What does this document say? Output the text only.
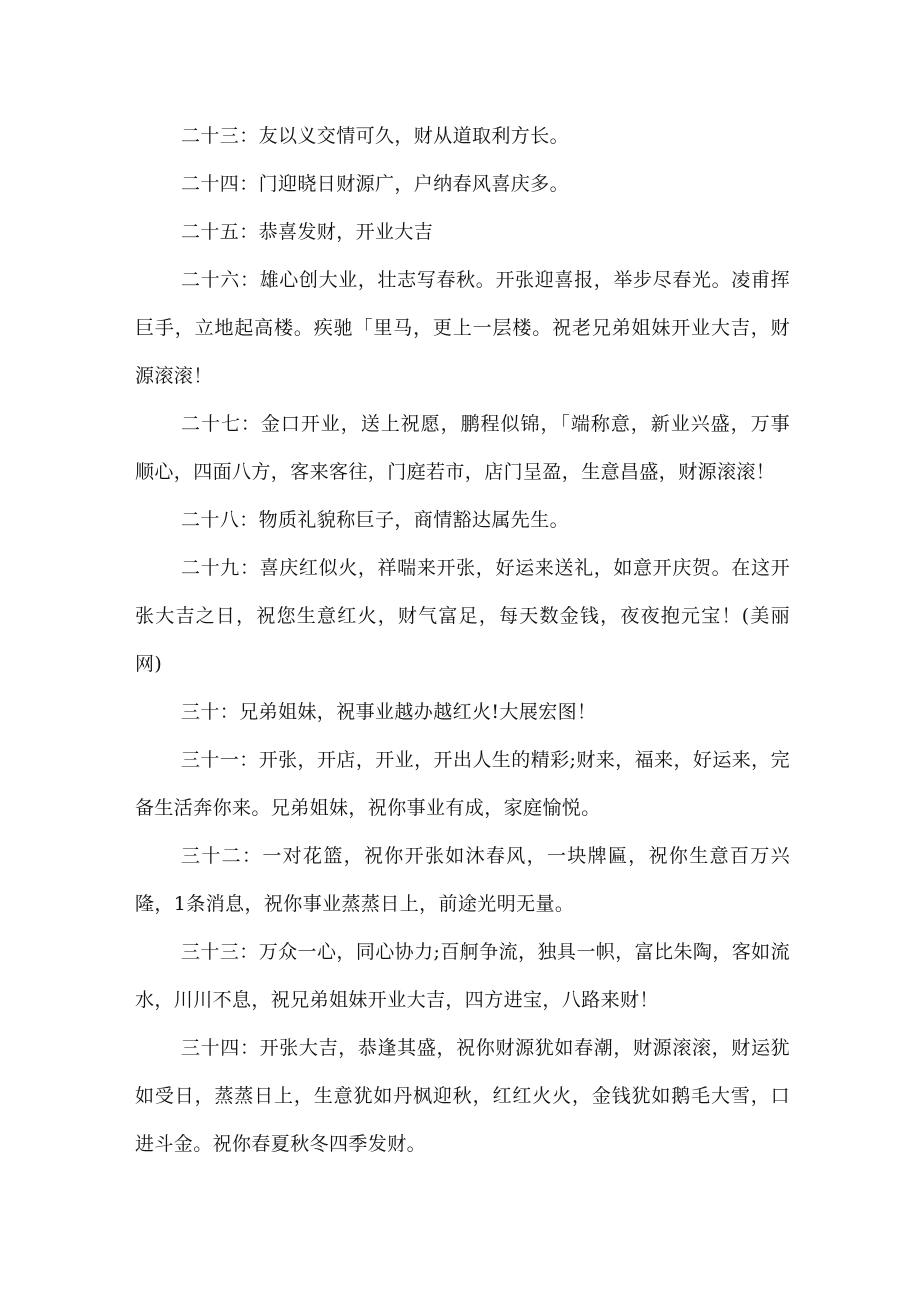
二十三：友以义交情可久，财从道取利方长。

二十四：门迎晓日财源广，户纳春风喜庆多。

二十五：恭喜发财，开业大吉

二十六：雄心创大业，壮志写春秋。开张迎喜报，举步尽春光。凌甫挥巨手，立地起高楼。疾驰「里马，更上一层楼。祝老兄弟姐妹开业大吉，财源滚滚！

二十七：金口开业，送上祝愿，鹏程似锦，「端称意，新业兴盛，万事顺心，四面八方，客来客往，门庭若市，店门呈盈，生意昌盛，财源滚滚！

二十八：物质礼貌称巨子，商情豁达属先生。

二十九：喜庆红似火，祥喘来开张，好运来送礼，如意开庆贺。在这开张大吉之日，祝您生意红火，财气富足，每天数金钱，夜夜抱元宝！(美丽网)

三十：兄弟姐妹，祝事业越办越红火!大展宏图！

三十一：开张，开店，开业，开出人生的精彩;财来，福来，好运来，完备生活奔你来。兄弟姐妹，祝你事业有成，家庭愉悦。

三十二：一对花篮，祝你开张如沐春风，一块牌匾，祝你生意百万兴隆，1条消息，祝你事业蒸蒸日上，前途光明无量。

三十三：万众一心，同心协力;百舸争流，独具一帜，富比朱陶，客如流水，川川不息，祝兄弟姐妹开业大吉，四方进宝，八路来财！

三十四：开张大吉，恭逢其盛，祝你财源犹如春潮，财源滚滚，财运犹如受日，蒸蒸日上，生意犹如丹枫迎秋，红红火火，金钱犹如鹅毛大雪，口进斗金。祝你春夏秋冬四季发财。
